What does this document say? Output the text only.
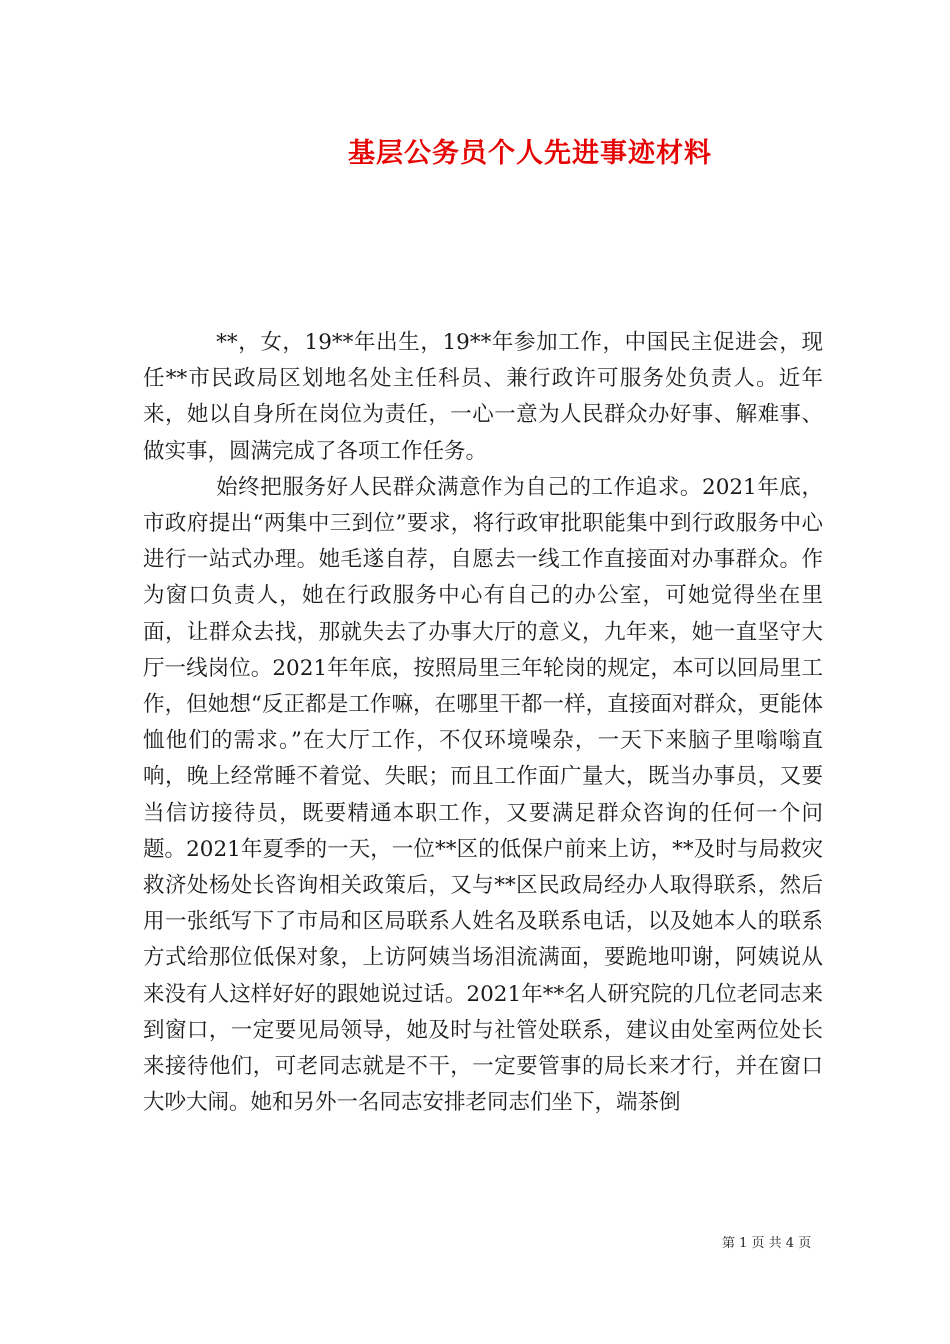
基层公务员个人先进事迹材料

**，女，19**年出生，19**年参加工作，中国民主促进会，现任**市民政局区划地名处主任科员、兼行政许可服务处负责人。近年来，她以自身所在岗位为责任，一心一意为人民群众办好事、解难事、做实事，圆满完成了各项工作任务。

始终把服务好人民群众满意作为自己的工作追求。2021年底，市政府提出“两集中三到位”要求，将行政审批职能集中到行政服务中心进行一站式办理。她毛遂自荐，自愿去一线工作直接面对办事群众。作为窗口负责人，她在行政服务中心有自己的办公室，可她觉得坐在里面，让群众去找，那就失去了办事大厅的意义，九年来，她一直坚守大厅一线岗位。2021年年底，按照局里三年轮岗的规定，本可以回局里工作，但她想“反正都是工作嘛，在哪里干都一样，直接面对群众，更能体恤他们的需求。”在大厅工作，不仅环境噪杂，一天下来脑子里嗡嗡直响，晚上经常睡不着觉、失眠；而且工作面广量大，既当办事员，又要当信访接待员，既要精通本职工作，又要满足群众咨询的任何一个问题。2021年夏季的一天，一位**区的低保户前来上访，**及时与局救灾救济处杨处长咨询相关政策后，又与**区民政局经办人取得联系，然后用一张纸写下了市局和区局联系人姓名及联系电话，以及她本人的联系方式给那位低保对象，上访阿姨当场泪流满面，要跪地叩谢，阿姨说从来没有人这样好好的跟她说过话。2021年**名人研究院的几位老同志来到窗口，一定要见局领导，她及时与社管处联系，建议由处室两位处长来接待他们，可老同志就是不干，一定要管事的局长来才行，并在窗口大吵大闹。她和另外一名同志安排老同志们坐下，端茶倒

第 1 页 共 4 页
